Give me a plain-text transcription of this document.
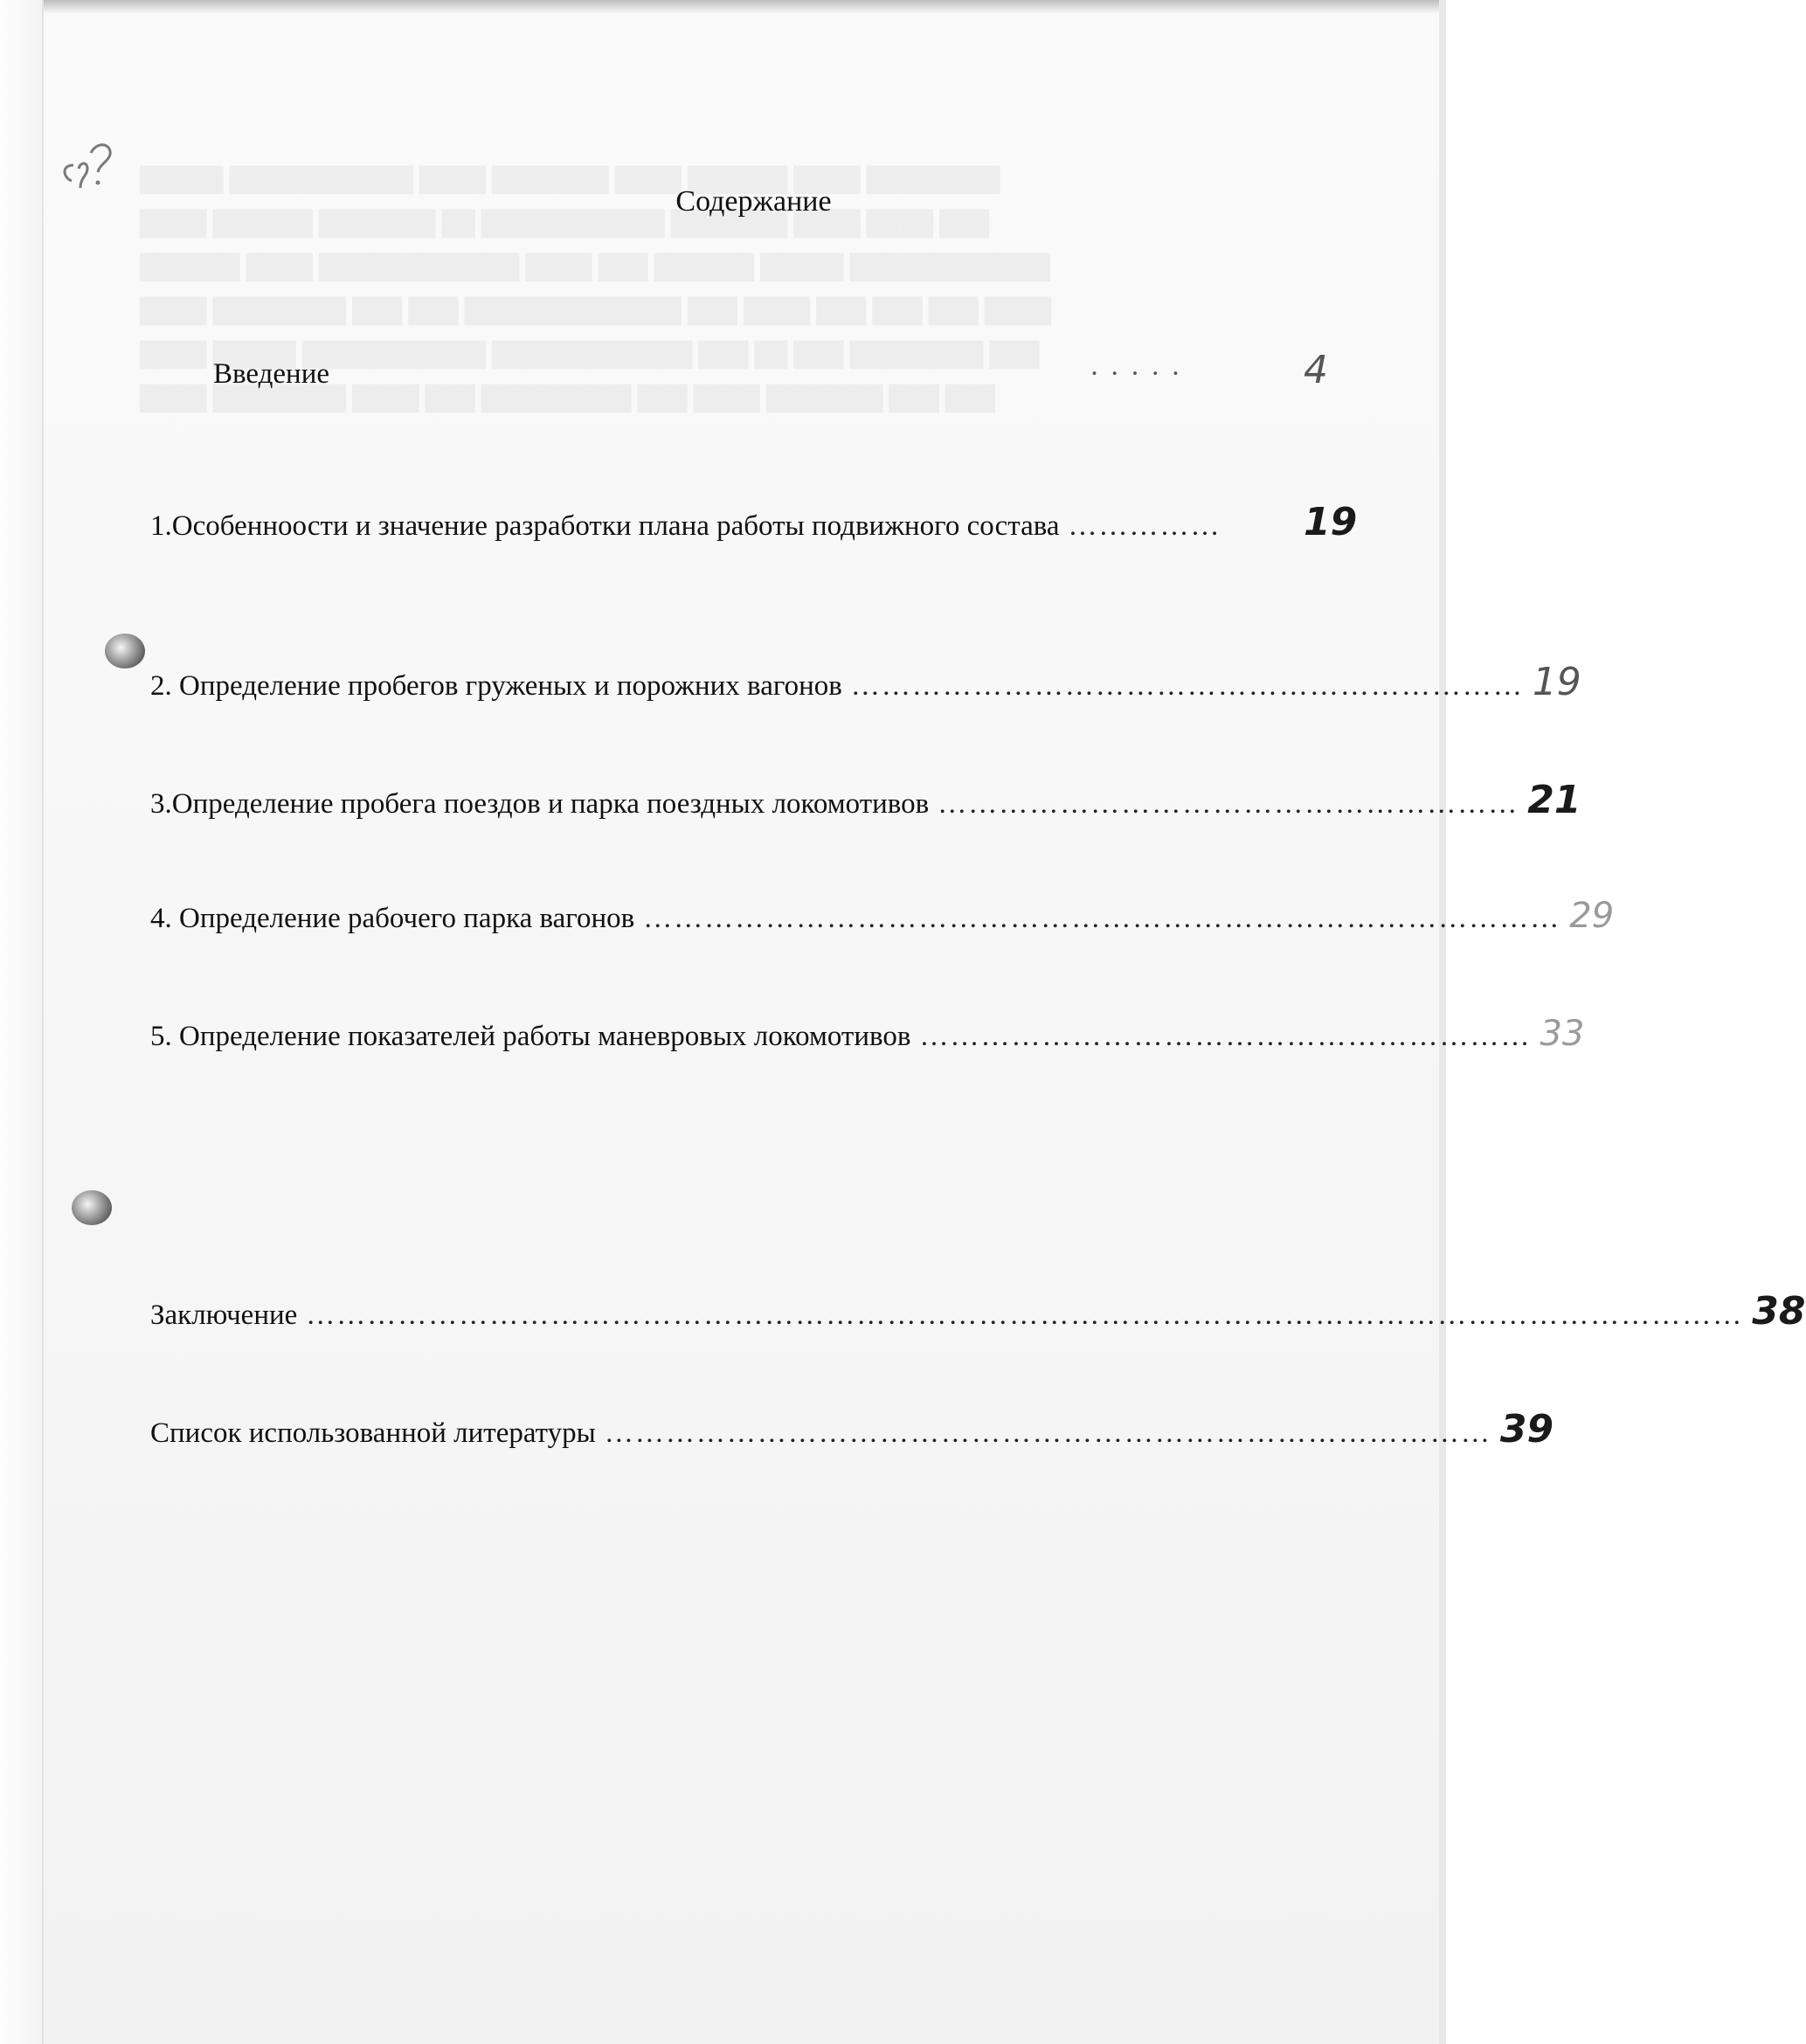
█████ ███████████ ████ ███████ ████ ██████ ████ ████████
████ ██████ ███████ ██ ███████████ ███████ ████ ████ ███
██████ ████ ████████████ ████ ███ ██████ █████ ████████████
████ ████████ ███ ███ █████████████ ███ ████ ███ ███ ███ ████
████ █████ ███████████ ████████████ ███ ██ ███ ████████ ███
████ ████████ ████ ███ █████████ ███ ████ ███████ ███ ███
Содержание
Введение	· · · · ·	4
1.Особенноости и значение разработки плана работы подвижного состава ……………	19
2. Определение пробегов груженых и порожних вагонов ………………………………………………………… 19
3.Определение пробега поездов и парка поездных локомотивов ………………………………………………… 21
4. Определение рабочего парка вагонов ……………………………………………………………………………… 29
5. Определение показателей работы маневровых локомотивов …………………………………………………… 33
Заключение …………………………………………………………………………………………………………………………… 38
Список использованной литературы …………………………………………………………………………… 39
